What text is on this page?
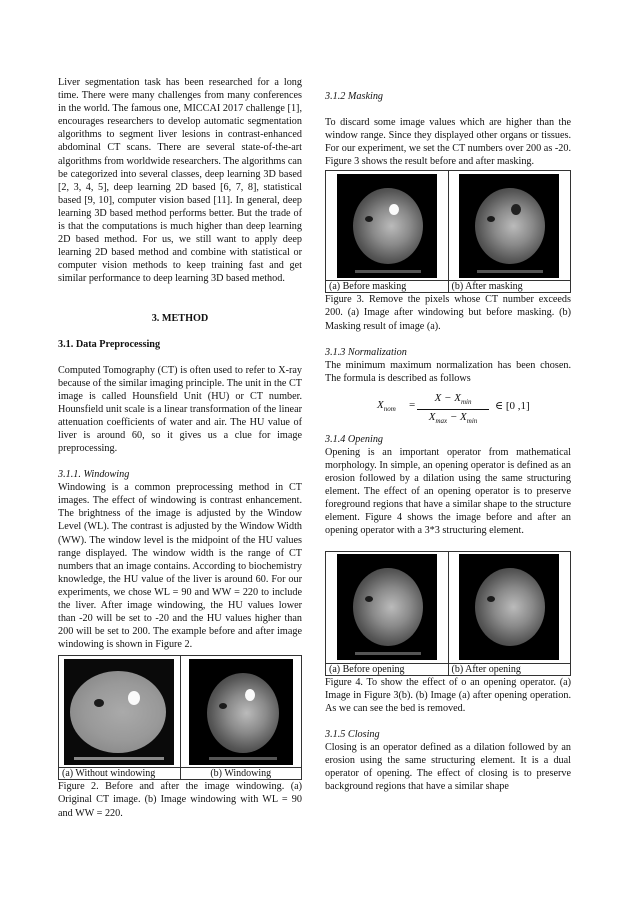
Liver segmentation task has been researched for a long time. There were many challenges from many conferences in the world. The famous one, MICCAI 2017 challenge [1], encourages researchers to develop automatic segmentation algorithms to segment liver lesions in contrast-enhanced abdominal CT scans. There are several state-of-the-art algorithms from worldwide researchers. The algorithms can be categorized into several classes, deep learning 3D based [2, 3, 4, 5], deep learning 2D based [6, 7, 8], statistical based [9, 10], computer vision based [11]. In general, deep learning 3D based method performs better. But the trade of is that the computations is much higher than deep learning 2D based method. For us, we still want to apply deep learning 2D based method and combine with statistical or computer vision methods to keep training fast and get similar performance to deep learning 3D based method.

3. METHOD

3.1. Data Preprocessing

Computed Tomography (CT) is often used to refer to X-ray because of the similar imaging principle. The unit in the CT image is called Hounsfield Unit (HU) or CT number. Hounsfield unit scale is a linear transformation of the linear attenuation coefficients of water and air. The HU value of liver is around 60, so it gives us a clue for image preprocessing.

3.1.1. Windowing

Windowing is a common preprocessing method in CT images. The effect of windowing is contrast enhancement. The brightness of the image is adjusted by the Window Level (WL). The contrast is adjusted by the Window Width (WW). The window level is the midpoint of the HU values range displayed. The window width is the range of CT numbers that an image contains. According to biochemistry knowledge, the HU value of the liver is around 60. For our experiments, we chose WL = 90 and WW = 220 to include the liver. After image windowing, the HU values lower than -20 will be set to -20 and the HU values higher than 200 will be set to 200. The example before and after image windowing is shown in Figure 2.

(a) Without windowing	(b) Windowing

Figure 2. Before and after the image windowing. (a) Original CT image. (b) Image windowing with WL = 90 and WW = 220.

3.1.2 Masking

To discard some image values which are higher than the window range. Since they displayed other organs or tissues. For our experiment, we set the CT numbers over 200 as -20. Figure 3 shows the result before and after masking.

(a) Before masking	(b) After masking

Figure 3. Remove the pixels whose CT number exceeds 200. (a) Image after windowing but before masking. (b) Masking result of image (a).

3.1.3 Normalization

The minimum maximum normalization has been chosen. The formula is described as follows

$X_{nom}$ =
$X - X_{min}$
$X_{max} - X_{min}$
∈ [0 ,1]

3.1.4 Opening

Opening is an important operator from mathematical morphology. In simple, an opening operator is defined as an erosion followed by a dilation using the same structuring element. The effect of an opening operator is to preserve foreground regions that have a similar shape to the structure element. Figure 4 shows the image before and after an opening operator with a 3*3 structuring element.

(a) Before opening	(b) After opening

Figure 4. To show the effect of o an opening operator. (a) Image in Figure 3(b). (b) Image (a) after opening operation. As we can see the bed is removed.

3.1.5 Closing

Closing is an operator defined as a dilation followed by an erosion using the same structuring element. It is a dual operator of opening. The effect of closing is to preserve background regions that have a similar shape
